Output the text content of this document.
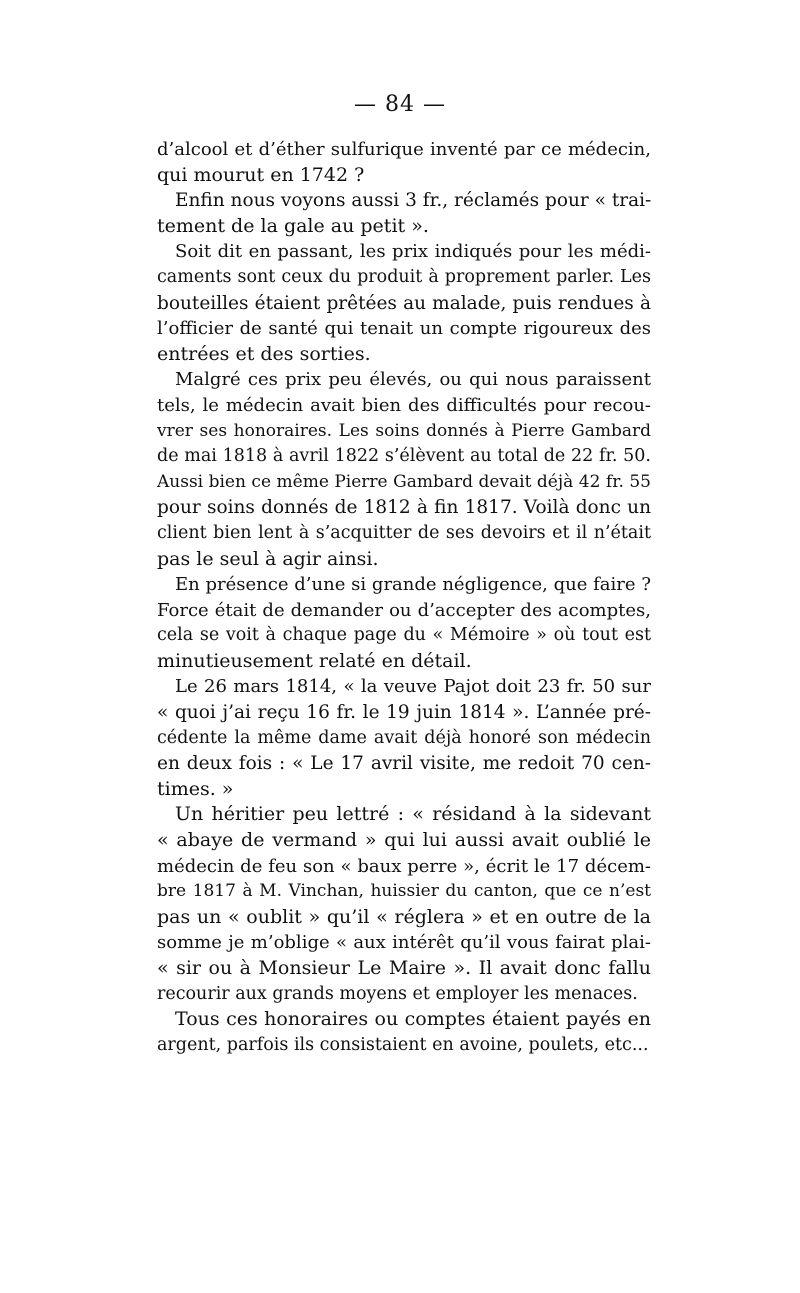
— 84 —
d’alcool et d’éther sulfurique inventé par ce médecin,
qui mourut en 1742 ?
Enfin nous voyons aussi 3 fr., réclamés pour « trai-
tement de la gale au petit ».
Soit dit en passant, les prix indiqués pour les médi-
caments sont ceux du produit à proprement parler. Les
bouteilles étaient prêtées au malade, puis rendues à
l’officier de santé qui tenait un compte rigoureux des
entrées et des sorties.
Malgré ces prix peu élevés, ou qui nous paraissent
tels, le médecin avait bien des difficultés pour recou-
vrer ses honoraires. Les soins donnés à Pierre Gambard
de mai 1818 à avril 1822 s’élèvent au total de 22 fr. 50.
Aussi bien ce même Pierre Gambard devait déjà 42 fr. 55
pour soins donnés de 1812 à fin 1817. Voilà donc un
client bien lent à s’acquitter de ses devoirs et il n’était
pas le seul à agir ainsi.
En présence d’une si grande négligence, que faire ?
Force était de demander ou d’accepter des acomptes,
cela se voit à chaque page du « Mémoire » où tout est
minutieusement relaté en détail.
Le 26 mars 1814, « la veuve Pajot doit 23 fr. 50 sur
« quoi j’ai reçu 16 fr. le 19 juin 1814 ». L’année pré-
cédente la même dame avait déjà honoré son médecin
en deux fois : « Le 17 avril visite, me redoit 70 cen-
times. »
Un héritier peu lettré : « résidand à la sidevant
« abaye de vermand » qui lui aussi avait oublié le
médecin de feu son « baux perre », écrit le 17 décem-
bre 1817 à M. Vinchan, huissier du canton, que ce n’est
pas un « oublit » qu’il « réglera » et en outre de la
somme je m’oblige « aux intérêt qu’il vous fairat plai-
« sir ou à Monsieur Le Maire ». Il avait donc fallu
recourir aux grands moyens et employer les menaces.
Tous ces honoraires ou comptes étaient payés en
argent, parfois ils consistaient en avoine, poulets, etc...
